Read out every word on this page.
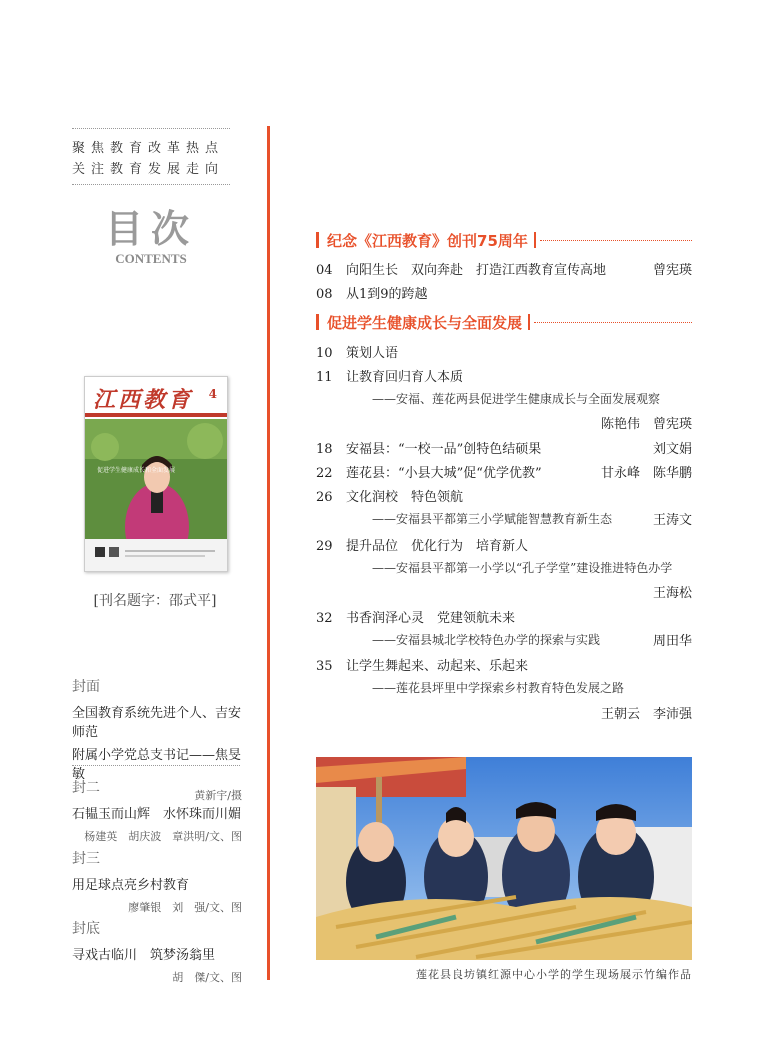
聚焦教育改革热点
关注教育发展走向
目次
CONTENTS
江西教育 4
促进学生健康成长和全面发展
[刊名题字：邵式平]
封面
全国教育系统先进个人、吉安师范
附属小学党总支书记——焦旻敏
黄新宇/摄
封二
石韫玉而山辉　水怀珠而川媚
杨建英　胡庆波　章洪明/文、图
封三
用足球点亮乡村教育
廖肇银　刘　强/文、图
封底
寻戏古临川　筑梦汤翁里
胡　傑/文、图
纪念《江西教育》创刊75周年
04 向阳生长　双向奔赴　打造江西教育宣传高地	曾宪瑛
08 从1到9的跨越
促进学生健康成长与全面发展
10 策划人语
11 让教育回归育人本质
——安福、莲花两县促进学生健康成长与全面发展观察
陈艳伟　曾宪瑛
18 安福县：“一校一品”创特色结硕果	刘文娟
22 莲花县：“小县大城”促“优学优教”	甘永峰　陈华鹏
26 文化润校　特色领航
——安福县平都第三小学赋能智慧教育新生态	王涛文
29 提升品位　优化行为　培育新人
——安福县平都第一小学以“孔子学堂”建设推进特色办学
王海松
32 书香润泽心灵　党建领航未来
——安福县城北学校特色办学的探索与实践	周田华
35 让学生舞起来、动起来、乐起来
——莲花县坪里中学探索乡村教育特色发展之路
王朝云　李沛强
莲花县良坊镇红源中心小学的学生现场展示竹编作品
